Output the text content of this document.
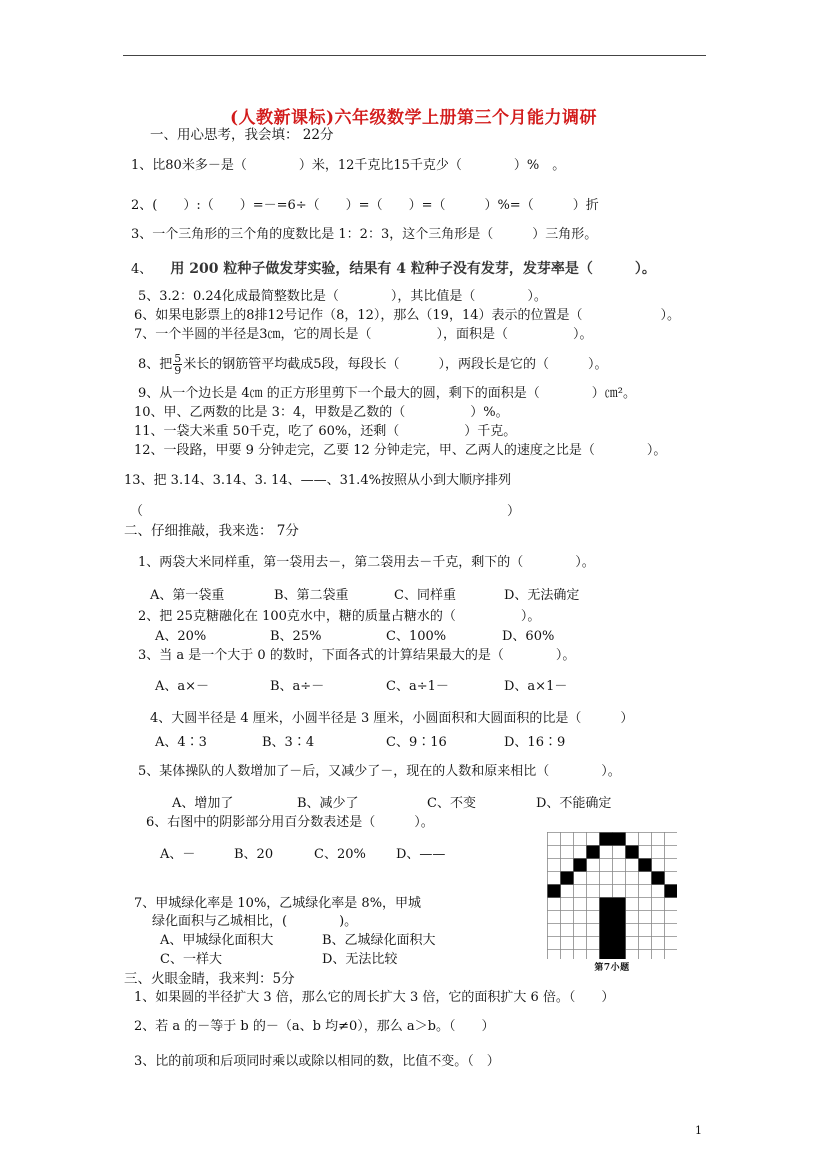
(人教新课标)六年级数学上册第三个月能力调研
一、用心思考，我会填： 22分
1、比80米多－是（　　　　）米，12千克比15千克少（　　　　）%　。
2、(　　）:（　　）=－=6÷（　　）=（　　）=（　　　）%=（　　　）折
3、一个三角形的三个角的度数比是 1：2：3，这个三角形是（　　　）三角形。
4、 用 200 粒种子做发芽实验，结果有 4 粒种子没有发芽，发芽率是（　　　）。
5、3.2：0.24化成最简整数比是（　　　　），其比值是（　　　　）。
6、如果电影票上的8排12号记作（8，12），那么（19，14）表示的位置是（　　　　　　）。
7、一个半圆的半径是3㎝，它的周长是（　　　　　），面积是（　　　　　）。
8、把 $\frac{5}{9}$ 米长的钢筋管平均截成5段，每段长（　　　），两段长是它的（　　　）。
9、从一个边长是 4㎝ 的正方形里剪下一个最大的圆，剩下的面积是（　　　　）㎝²。
10、甲、乙两数的比是 3：4，甲数是乙数的（　　　　　）%。
11、一袋大米重 50千克，吃了 60%，还剩（　　　　　）千克。
12、一段路，甲要 9 分钟走完，乙要 12 分钟走完，甲、乙两人的速度之比是（　　　　）。
13、把 3.14、3.14、3. 14、——、31.4%按照从小到大顺序排列
（　　　　　　　　　　　　　　　　　　　　　　　　　　　　）
二、仔细推敲，我来选： 7分
1、两袋大米同样重，第一袋用去－，第二袋用去－千克，剩下的（　　　　）。
A、第一袋重	B、第二袋重	C、同样重	D、无法确定
2、把 25克糖融化在 100克水中，糖的质量占糖水的（　　　　　）。
A、20%	B、25%	C、100%	D、60%
3、当 a 是一个大于 0 的数时，下面各式的计算结果最大的是（　　　　）。
A、a×－	B、a÷－	C、a÷1－	D、a×1－
4、大圆半径是 4 厘米，小圆半径是 3 厘米，小圆面积和大圆面积的比是（　　　）
A、4∶3	B、3∶4	C、9∶16	D、16∶9
5、某体操队的人数增加了－后，又减少了－，现在的人数和原来相比（　　　　）。
A、增加了	B、减少了	C、不变	D、不能确定
6、右图中的阴影部分用百分数表述是（　　　）。
A、－	B、20	C、20% D、——
7、甲城绿化率是 10%，乙城绿化率是 8%，甲城
绿化面积与乙城相比，(　　　　)。
A、甲城绿化面积大	B、乙城绿化面积大
C、一样大	D、无法比较
第7小题
三、火眼金睛，我来判：5分
1、如果圆的半径扩大 3 倍，那么它的周长扩大 3 倍，它的面积扩大 6 倍。（　　）
2、若 a 的－等于 b 的－（a、b 均≠0），那么 a＞b。（　　）
3、比的前项和后项同时乘以或除以相同的数，比值不变。（　）
1
